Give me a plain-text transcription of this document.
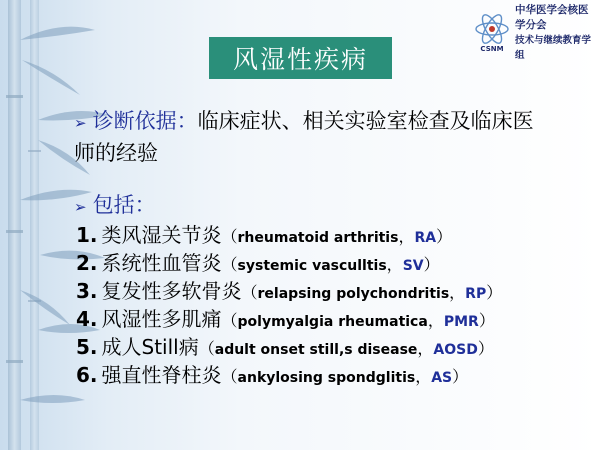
CSNM
中华医学会核医学分会
技术与继续教育学组
风湿性疾病
➢ 诊断依据：临床症状、相关实验室检查及临床医师的经验
➢ 包括：
1. 类风湿关节炎（rheumatoid arthritis，RA）
2. 系统性血管炎（systemic vasculltis，SV）
3. 复发性多软骨炎（relapsing polychondritis，RP）
4. 风湿性多肌痛（polymyalgia rheumatica，PMR）
5. 成人Still病（adult onset still,s disease，AOSD）
6. 强直性脊柱炎（ankylosing spondglitis，AS）
